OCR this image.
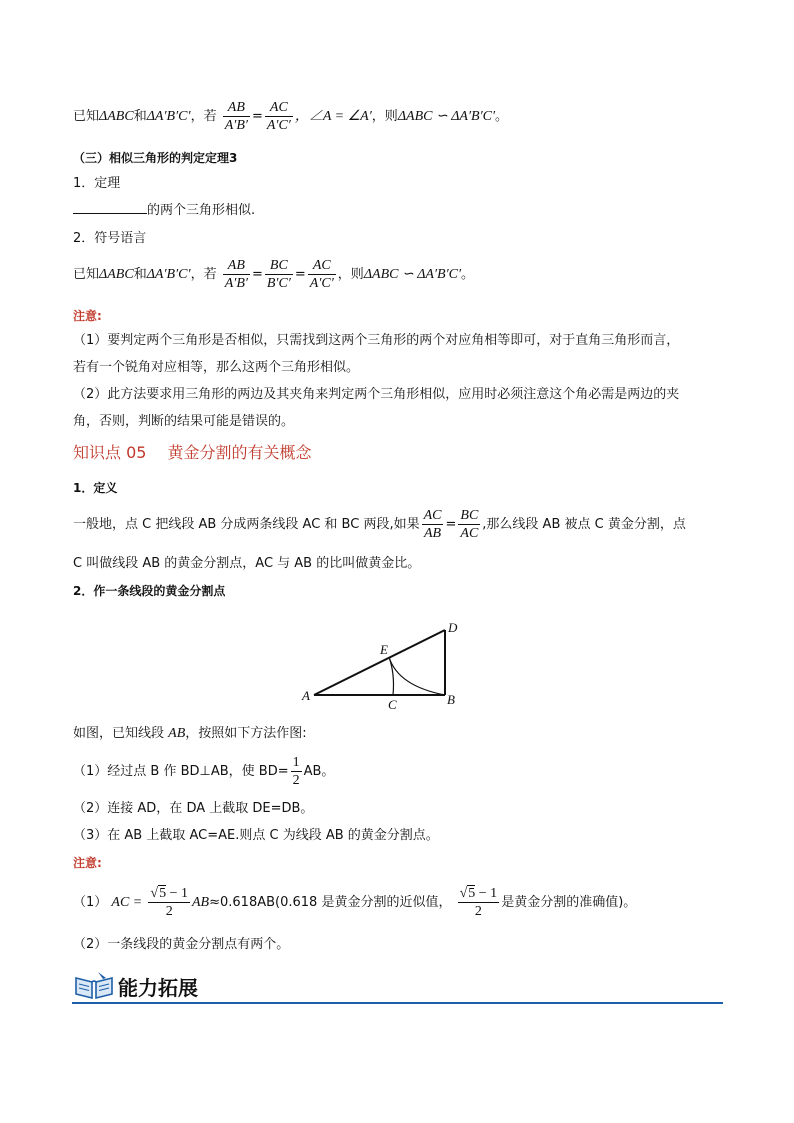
已知ΔABC和ΔA′B′C′，若 $\frac{AB}{A'B'} = \frac{AC}{A'C'}$ ，∠A = ∠A′，则ΔABC ∽ ΔA′B′C′。
（三）相似三角形的判定定理3
1．定理
的两个三角形相似.
2．符号语言
已知ΔABC和ΔA′B′C′，若 $\frac{AB}{A'B'} = \frac{BC}{B'C'} = \frac{AC}{A'C'}$ ，则ΔABC ∽ ΔA′B′C′。
注意:
（1）要判定两个三角形是否相似，只需找到这两个三角形的两个对应角相等即可，对于直角三角形而言，
若有一个锐角对应相等，那么这两个三角形相似。
（2）此方法要求用三角形的两边及其夹角来判定两个三角形相似，应用时必须注意这个角必需是两边的夹
角，否则，判断的结果可能是错误的。
知识点 05　 黄金分割的有关概念
1．定义
一般地，点 C 把线段 AB 分成两条线段 AC 和 BC 两段,如果 $\frac{AC}{AB} = \frac{BC}{AC}$ ,那么线段 AB 被点 C 黄金分割，点
C 叫做线段 AB 的黄金分割点，AC 与 AB 的比叫做黄金比。
2．作一条线段的黄金分割点
A	B
C
D
E
如图，已知线段 AB，按照如下方法作图:
（1）经过点 B 作 BD⊥AB，使 $BD= \frac{1}{2}$ AB。
（2）连接 AD，在 DA 上截取 DE=DB。
（3）在 AB 上截取 AC=AE.则点 C 为线段 AB 的黄金分割点。
注意:
（1） AC = $\frac{√5 - 1}{2} AB\approx 0.618AB(0.618$ 是黄金分割的近似值， $\frac{√5 - 1}{2}$ 是黄金分割的准确值)。
（2）一条线段的黄金分割点有两个。
能力拓展
